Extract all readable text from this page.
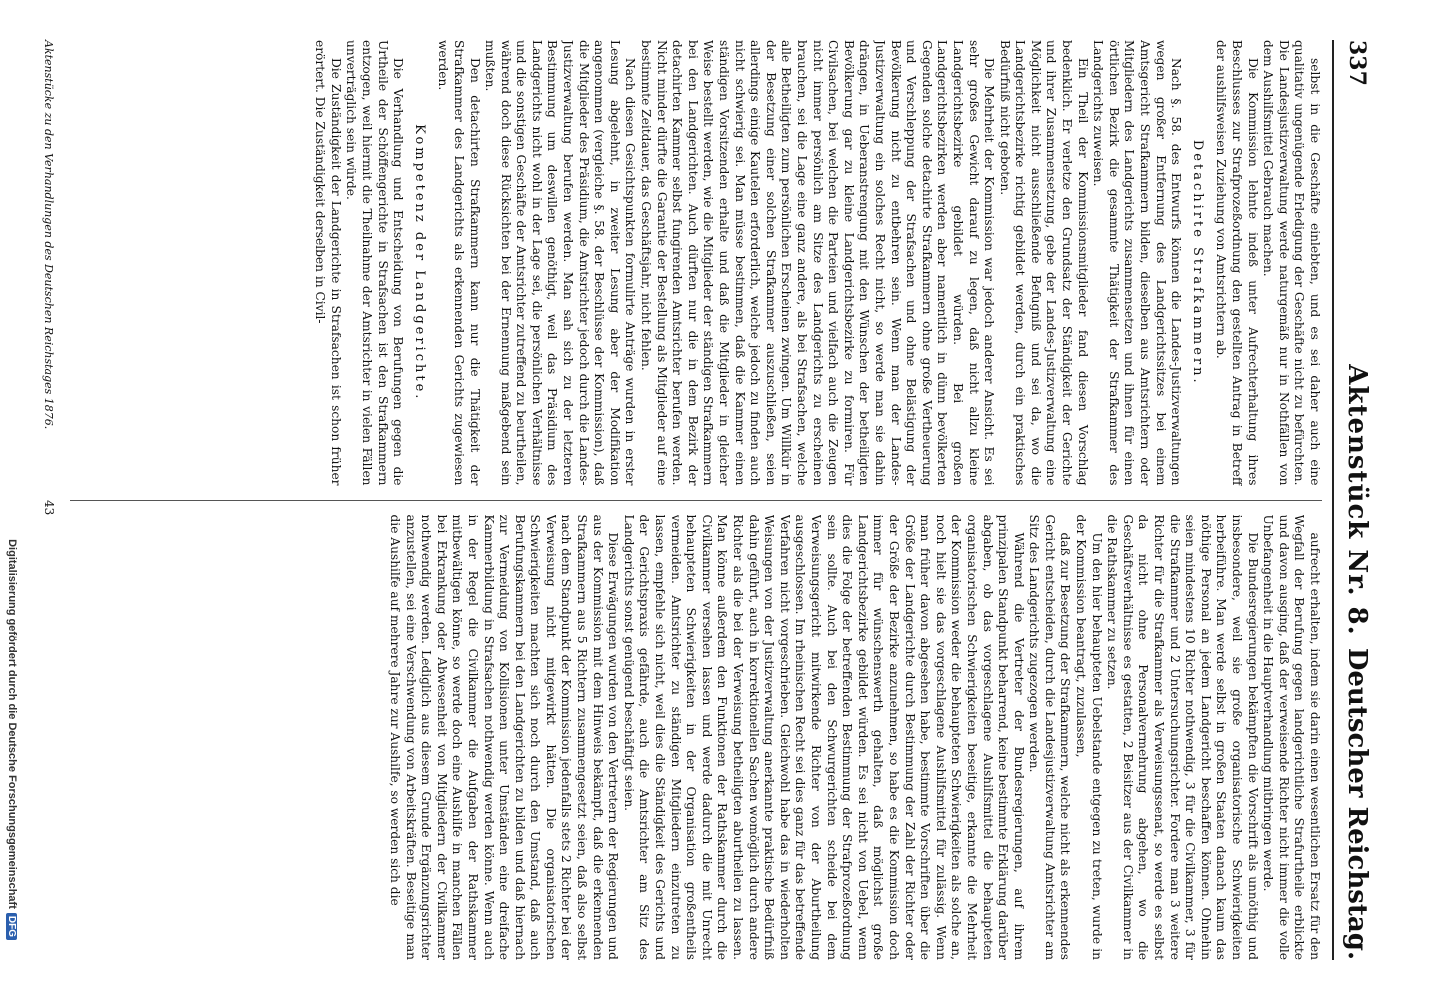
337
Aktenstück Nr. 8.
Deutscher Reichstag.

selbst in die Geschäfte einlebten, und es sei daher auch eine qualitativ ungenügende Erledigung der Geschäfte nicht zu befürchten. Die Landesjustizverwaltung werde naturgemäß nur in Nothfällen von dem Aushilfsmittel Gebrauch machen.

Die Kommission lehnte indeß unter Aufrechterhaltung ihres Beschlusses zur Strafprozeßordnung den gestellten Antrag in Betreff der aushilfsweisen Zuziehung von Amtsrichtern ab.

Detachirte Strafkammern.

Nach §. 58. des Entwurfs können die Landes-Justizverwaltungen wegen großer Entfernung des Landgerichtssitzes bei einem Amtsgericht Strafkammern bilden, dieselben aus Amtsrichtern oder Mitgliedern des Landgerichts zusammensetzen und ihnen für einen örtlichen Bezirk die gesammte Thätigkeit der Strafkammer des Landgerichts zuweisen.

Ein Theil der Kommissionsmitglieder fand diesen Vorschlag bedenklich. Er verletze den Grundsatz der Ständigkeit der Gerichte und ihrer Zusammensetzung, gebe der Landes-Justizverwaltung eine Möglichkeit nicht ausschließende Befugniß und sei da, wo die Landgerichtsbezirke richtig gebildet werden, durch ein praktisches Bedürfniß nicht geboten.

Die Mehrheit der Kommission war jedoch anderer Ansicht. Es sei sehr großes Gewicht darauf zu legen, daß nicht allzu kleine Landgerichtsbezirke gebildet würden. Bei großen Landgerichtsbezirken werden aber namentlich in dünn bevölkerten Gegenden solche detachirte Strafkammern ohne große Vertheuerung und Verschleppung der Strafsachen und ohne Belästigung der Bevölkerung nicht zu entbehren sein. Wenn man der Landes-Justizverwaltung ein solches Recht nicht, so werde man sie dahin drängen, in Ueberanstrengung mit den Wünschen der betheiligten Bevölkerung gar zu kleine Landgerichtsbezirke zu formiren. Für Civilsachen, bei welchen die Parteien und vielfach auch die Zeugen nicht immer persönlich am Sitze des Landgerichts zu erscheinen brauchen, sei die Lage eine ganz andere, als bei Strafsachen, welche alle Betheiligten zum persönlichen Erscheinen zwingen. Um Willkür in der Besetzung einer solchen Strafkammer auszuschließen, seien allerdings einige Kautelen erforderlich, welche jedoch zu finden auch nicht schwierig sei. Man müsse bestimmen, daß die Kammer einen ständigen Vorsitzenden erhalte und daß die Mitglieder in gleicher Weise bestellt werden, wie die Mitglieder der ständigen Strafkammern bei den Landgerichten. Auch dürften nur die in dem Bezirk der detachirten Kammer selbst fungirenden Amtsrichter berufen werden. Nicht minder dürfte die Garantie der Bestellung als Mitglieder auf eine bestimmte Zeitdauer, das Geschäftsjahr, nicht fehlen.

Nach diesen Gesichtspunkten formulirte Anträge wurden in erster Lesung abgelehnt, in zweiter Lesung aber der Modifikation angenommen (vergleiche §. 58. der Beschlüsse der Kommission), daß die Mitglieder des Präsidium, die Amtsrichter jedoch durch die Landes-Justizverwaltung berufen werden. Man sah sich zu der letzteren Bestimmung um deswillen genöthigt, weil das Präsidium des Landgerichts nicht wohl in der Lage sei, die persönlichen Verhältnisse und die sonstigen Geschäfte der Amtsrichter zutreffend zu beurtheilen, während doch diese Rücksichten bei der Ernennung maßgebend sein mußten.

Den detachirten Strafkammern kann nur die Thätigkeit der Strafkammer des Landgerichts als erkennenden Gerichts zugewiesen werden.

Kompetenz der Landgerichte.

Die Verhandlung und Entscheidung von Berufungen gegen die Urtheile der Schöffengerichte in Strafsachen ist den Strafkammern entzogen, weil hiermit die Theilnahme der Amtsrichter in vielen Fällen unverträglich sein würde.

Die Zuständigkeit der Landgerichte in Strafsachen ist schon früher erörtert. Die Zuständigkeit derselben in Civil-

aufrecht erhalten, indem sie darin einen wesentlichen Ersatz für den Wegfall der Berufung gegen landgerichtliche Strafurtheile erblickte und davon ausging, daß der verweisende Richter nicht immer die volle Unbefangenheit in die Hauptverhandlung mitbringen werde.

Die Bundesregierungen bekämpften die Vorschrift als unnöthig und insbesondere, weil sie große organisatorische Schwierigkeiten herbeiführe. Man werde selbst in großen Staaten danach kaum das nöthige Personal an jedem Landgericht beschaffen können. Ohnehin seien mindestens 10 Richter nothwendig, 3 für die Civilkammer, 3 für die Strafkammer und 2 Untersuchungsrichter. Fordere man 3 weitere Richter für die Strafkammer als Verweisungssenat, so werde es selbst da nicht ohne Personalvermehrung abgehen, wo die Geschäftsverhältnisse es gestatten, 2 Beisitzer aus der Civilkammer in die Rathskammer zu setzen.

Um den hier behaupteten Uebelstande entgegen zu treten, wurde in der Kommission beantragt, zuzulassen,

daß zur Besetzung der Strafkammern, welche nicht als erkennendes Gericht entscheiden, durch die Landesjustizverwaltung Amtsrichter am Sitz des Landgerichts zugezogen werden.

Während die Vertreter der Bundesregierungen, auf ihrem prinzipalen Standpunkt beharrend, keine bestimmte Erklärung darüber abgaben, ob das vorgeschlagene Aushilfsmittel die behaupteten organisatorischen Schwierigkeiten beseitige, erkannte die Mehrheit der Kommission weder die behaupteten Schwierigkeiten als solche an, noch hielt sie das vorgeschlagene Aushilfsmittel für zulässig. Wenn man früher davon abgesehen habe, bestimmte Vorschriften über die Größe der Landgerichte durch Bestimmung der Zahl der Richter oder der Größe der Bezirke anzunehmen, so habe es die Kommission doch immer für wünschenswerth gehalten, daß möglichst große Landgerichtsbezirke gebildet würden. Es sei nicht von Uebel, wenn dies die Folge der betreffenden Bestimmung der Strafprozeßordnung sein sollte. Auch bei den Schwurgerichten scheide bei dem Verweisungsgericht mitwirkende Richter von der Aburtheilung ausgeschlossen. Im rheinischen Recht sei dies ganz für das betreffende Verfahren nicht vorgeschrieben. Gleichwohl habe das in wiederholten Weisungen von der Justizverwaltung anerkannte praktische Bedürfniß dahin geführt, auch in korrektionellen Sachen womöglich durch andere Richter als die bei der Verweisung betheiligten aburtheilen zu lassen. Man könne außerdem den Funktionen der Rathskammer durch die Civilkammer versehen lassen und werde dadurch die mit Unrecht behaupteten Schwierigkeiten in der Organisation großentheils vermeiden. Amtsrichter zu ständigen Mitgliedern einzutreten zu lassen, empfehle sich nicht, weil dies die Ständigkeit des Gerichts und der Gerichtspraxis gefährde, auch die Amtsrichter am Sitz des Landgerichts sonst genügend beschäftigt seien.

Diese Erwägungen wurden von den Vertretern der Regierungen und aus der Kommission mit dem Hinweis bekämpft, daß die erkennenden Strafkammern aus 5 Richtern zusammengesetzt seien, daß also selbst nach dem Standpunkt der Kommission jedenfalls stets 2 Richter bei der Verweisung nicht mitgewirkt hätten. Die organisatorischen Schwierigkeiten machten sich noch durch den Umstand, daß auch Berufungskammern bei den Landgerichten zu bilden und daß hiernach zur Vermeidung von Kollisionen unter Umständen eine dreifache Kammerbildung in Strafsachen nothwendig werden könne. Wenn auch in der Regel die Civilkammer die Aufgaben der Rathskammer mitbewältigen könne, so werde doch eine Aushilfe in manchen Fällen bei Erkrankung oder Abwesenheit von Mitgliedern der Civilkammer nothwendig werden. Lediglich aus diesem Grunde Ergänzungsrichter anzustellen, sei eine Verschwendung von Arbeitskräften. Beseitige man die Aushilfe auf mehrere Jahre zur Aushilfe, so werden sich die

Aktenstücke zu den Verhandlungen des Deutschen Reichstages 1876.
43
Digitalisierung gefördert durch die Deutsche ForschungsgemeinschaftDFG
